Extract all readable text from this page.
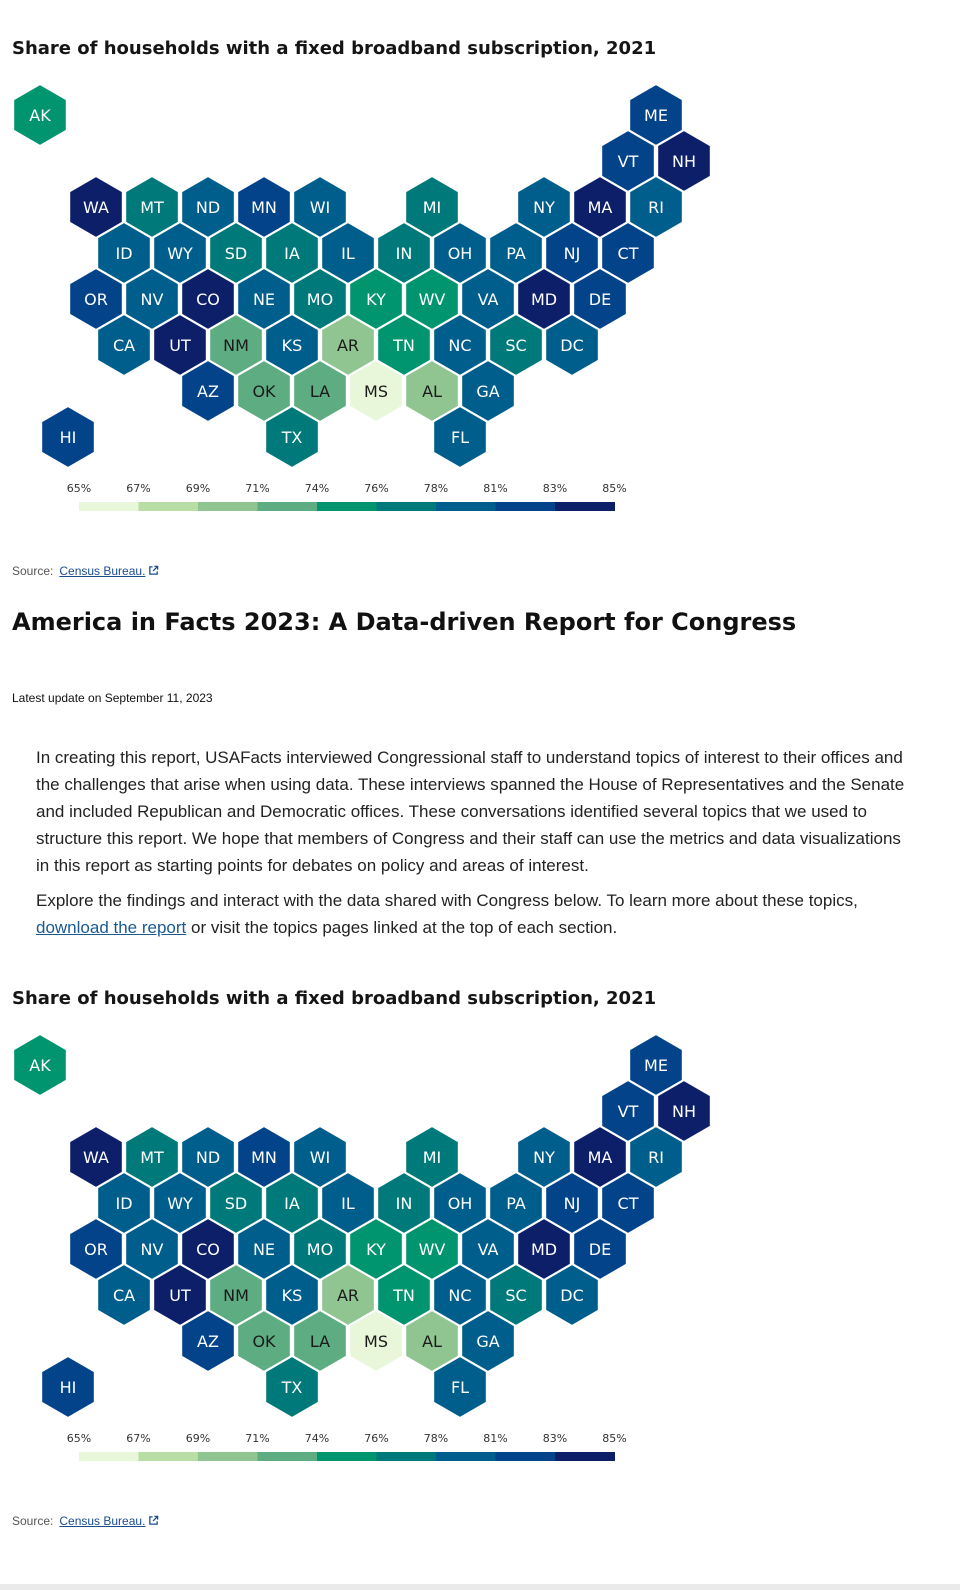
Share of households with a fixed broadband subscription, 2021
AK	ME
VT NH
WA MT ND MN WI	MI	NY MA RI
ID WY SD IA	IL	IN OH PA NJ CT
OR NV CO NE MO KY WV VA MD DE
CA UT NM KS AR TN NC SC DC
AZ OK LA MS AL GA
HI	TX	FL
65%	67%	69%	71%	74%	76%	78%	81%	83%	85%
Source: Census Bureau.
America in Facts 2023: A Data-driven Report for Congress
Latest update on September 11, 2023

In creating this report, USAFacts interviewed Congressional staff to understand topics of interest to their offices and the challenges that arise when using data. These interviews spanned the House of Representatives and the Senate and included Republican and Democratic offices. These conversations identified several topics that we used to structure this report. We hope that members of Congress and their staff can use the metrics and data visualizations in this report as starting points for debates on policy and areas of interest.

Explore the findings and interact with the data shared with Congress below. To learn more about these topics, download the report or visit the topics pages linked at the top of each section.

Share of households with a fixed broadband subscription, 2021
AK	ME
VT NH
WA MT ND MN WI	MI	NY MA RI
ID WY SD IA	IL	IN OH PA NJ CT
OR NV CO NE MO KY WV VA MD DE
CA UT NM KS AR TN NC SC DC
AZ OK LA MS AL GA
HI	TX	FL
65%	67%	69%	71%	74%	76%	78%	81%	83%	85%
Source: Census Bureau.
